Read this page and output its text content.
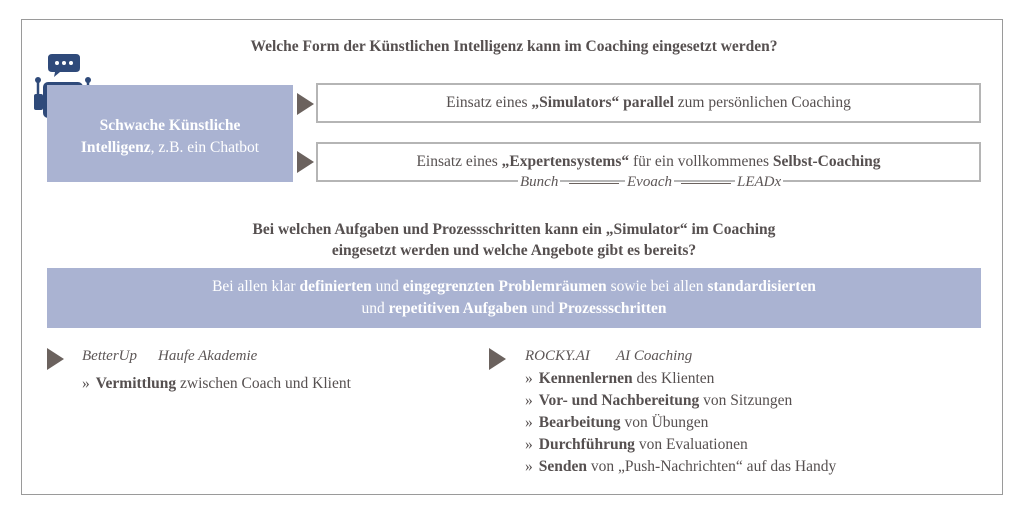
Welche Form der Künstlichen Intelligenz kann im Coaching eingesetzt werden?
Schwache Künstliche
Intelligenz, z.B. ein Chatbot
Einsatz eines „Simulators“ parallel zum persönlichen Coaching
Einsatz eines „Expertensystems“ für ein vollkommenes Selbst-Coaching
Bunch	Evoach	LEADx
Bei welchen Aufgaben und Prozessschritten kann ein „Simulator“ im Coaching
eingesetzt werden und welche Angebote gibt es bereits?
Bei allen klar definierten und eingegrenzten Problemräumen sowie bei allen standardisierten
und repetitiven Aufgaben und Prozessschritten
BetterUp Haufe Akademie
» Vermittlung zwischen Coach und Klient
ROCKY.AI AI Coaching
» Kennenlernen des Klienten
» Vor- und Nachbereitung von Sitzungen
» Bearbeitung von Übungen
» Durchführung von Evaluationen
» Senden von „Push-Nachrichten“ auf das Handy
